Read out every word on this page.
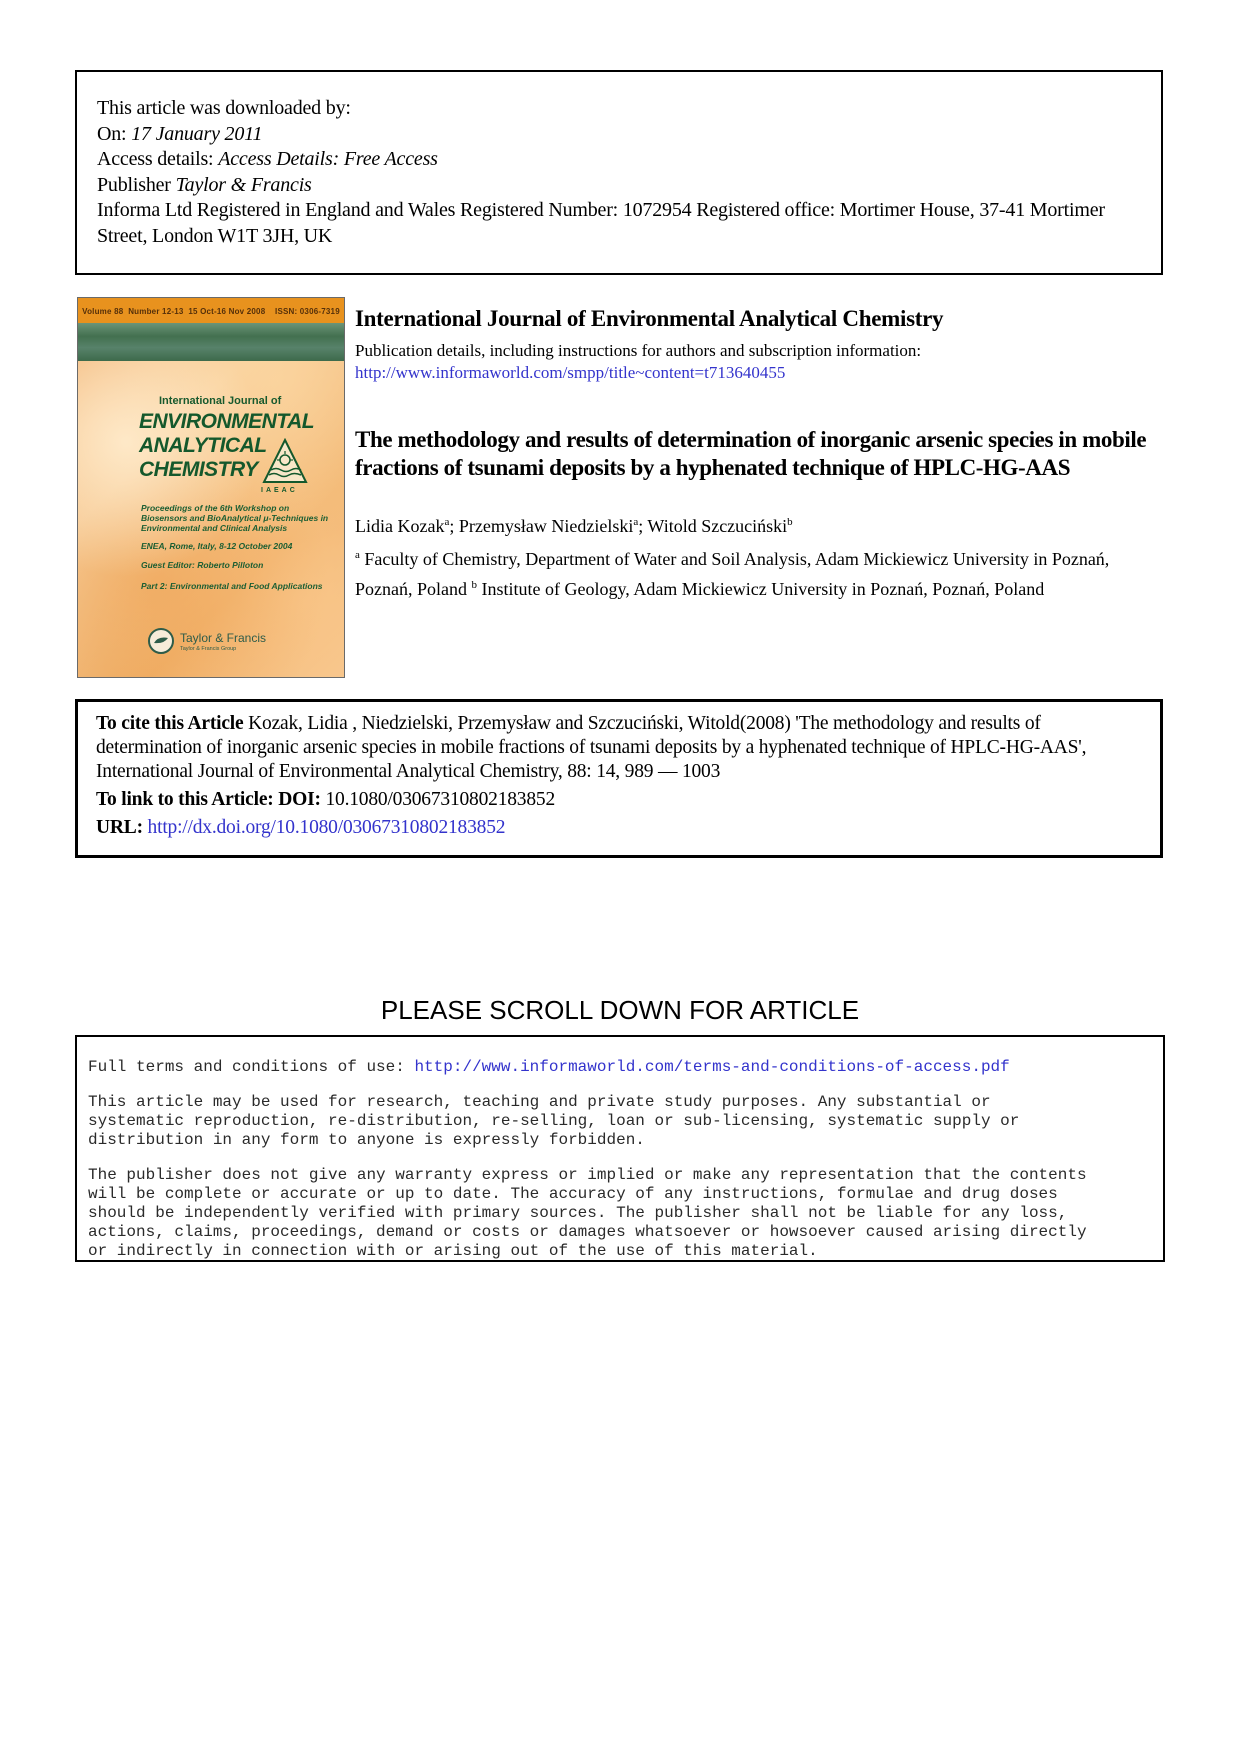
This article was downloaded by:
On: 17 January 2011
Access details: Access Details: Free Access
Publisher Taylor & Francis
Informa Ltd Registered in England and Wales Registered Number: 1072954 Registered office: Mortimer House, 37-41 Mortimer Street, London W1T 3JH, UK
Volume 88  Number 12-13  15 Oct-16 Nov 2008    ISSN: 0306-7319
International Journal of
ENVIRONMENTAL
ANALYTICAL
CHEMISTRY
IAEAC
Proceedings of the 6th Workshop on
Biosensors and BioAnalytical μ-Techniques in
Environmental and Clinical Analysis
ENEA, Rome, Italy, 8-12 October 2004
Guest Editor: Roberto Pilloton
Part 2: Environmental and Food Applications
Taylor & Francis
Taylor & Francis Group
International Journal of Environmental Analytical Chemistry
Publication details, including instructions for authors and subscription information:
http://www.informaworld.com/smpp/title~content=t713640455
The methodology and results of determination of inorganic arsenic species in mobile fractions of tsunami deposits by a hyphenated technique of HPLC-HG-AAS
Lidia Kozak$^a$; Przemysław Niedzielski$^a$; Witold Szczuciński$^b$
$^a$ Faculty of Chemistry, Department of Water and Soil Analysis, Adam Mickiewicz University in Poznań, Poznań, Poland $^b$ Institute of Geology, Adam Mickiewicz University in Poznań, Poznań, Poland

To cite this Article Kozak, Lidia , Niedzielski, Przemysław and Szczuciński, Witold(2008) 'The methodology and results of determination of inorganic arsenic species in mobile fractions of tsunami deposits by a hyphenated technique of HPLC-HG-AAS', International Journal of Environmental Analytical Chemistry, 88: 14, 989 — 1003

To link to this Article: DOI: 10.1080/03067310802183852

URL: http://dx.doi.org/10.1080/03067310802183852

PLEASE SCROLL DOWN FOR ARTICLE
Full terms and conditions of use: http://www.informaworld.com/terms-and-conditions-of-access.pdf
This article may be used for research, teaching and private study purposes. Any substantial or
systematic reproduction, re-distribution, re-selling, loan or sub-licensing, systematic supply or
distribution in any form to anyone is expressly forbidden.
The publisher does not give any warranty express or implied or make any representation that the contents
will be complete or accurate or up to date. The accuracy of any instructions, formulae and drug doses
should be independently verified with primary sources. The publisher shall not be liable for any loss,
actions, claims, proceedings, demand or costs or damages whatsoever or howsoever caused arising directly
or indirectly in connection with or arising out of the use of this material.
